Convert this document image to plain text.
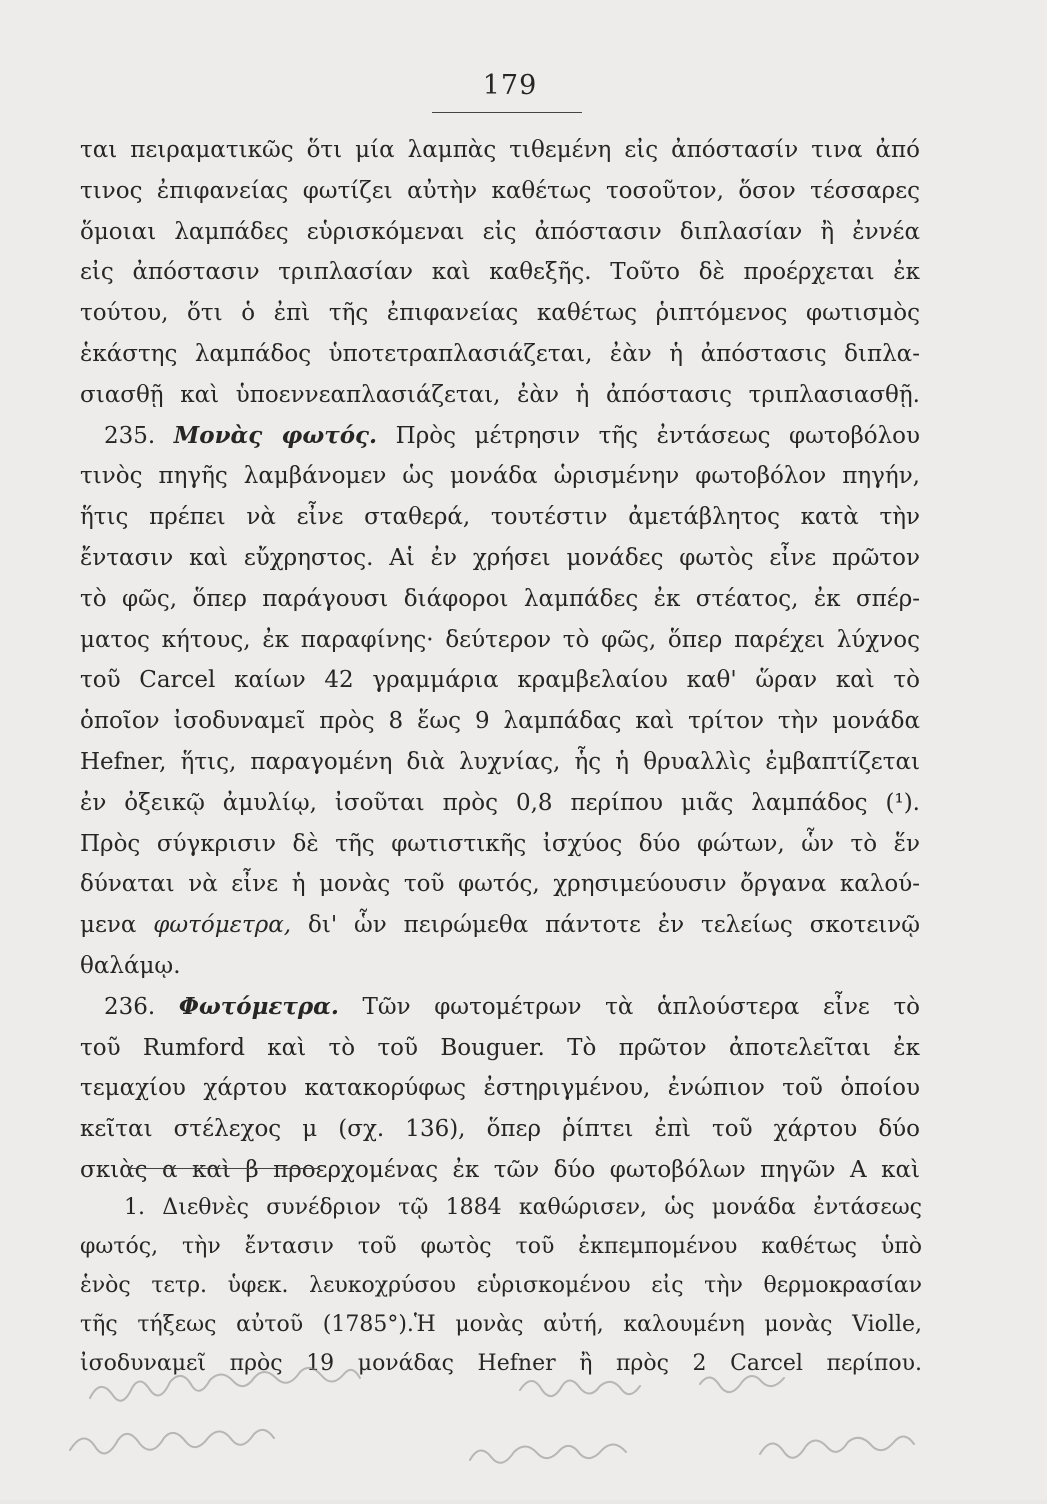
179
ται πειραματικῶς ὅτι μία λαμπὰς τιθεμένη εἰς ἀπόστασίν τινα ἀπό
τινος ἐπιφανείας φωτίζει αὐτὴν καθέτως τοσοῦτον, ὅσον τέσσαρες
ὅμοιαι λαμπάδες εὑρισκόμεναι εἰς ἀπόστασιν διπλασίαν ἢ ἐννέα
εἰς ἀπόστασιν τριπλασίαν καὶ καθεξῆς. Τοῦτο δὲ προέρχεται ἐκ
τούτου, ὅτι ὁ ἐπὶ τῆς ἐπιφανείας καθέτως ῥιπτόμενος φωτισμὸς
ἑκάστης λαμπάδος ὑποτετραπλασιάζεται, ἐὰν ἡ ἀπόστασις διπλα-
σιασθῇ καὶ ὑποεννεαπλασιάζεται, ἐὰν ἡ ἀπόστασις τριπλασιασθῇ.
235. Μονὰς φωτός. Πρὸς μέτρησιν τῆς ἐντάσεως φωτοβόλου
τινὸς πηγῆς λαμβάνομεν ὡς μονάδα ὡρισμένην φωτοβόλον πηγήν,
ἥτις πρέπει νὰ εἶνε σταθερά, τουτέστιν ἀμετάβλητος κατὰ τὴν
ἔντασιν καὶ εὔχρηστος. Αἱ ἐν χρήσει μονάδες φωτὸς εἶνε πρῶτον
τὸ φῶς, ὅπερ παράγουσι διάφοροι λαμπάδες ἐκ στέατος, ἐκ σπέρ-
ματος κήτους, ἐκ παραφίνης· δεύτερον τὸ φῶς, ὅπερ παρέχει λύχνος
τοῦ Carcel καίων 42 γραμμάρια κραμβελαίου καθ' ὥραν καὶ τὸ
ὁποῖον ἰσοδυναμεῖ πρὸς 8 ἕως 9 λαμπάδας καὶ τρίτον τὴν μονάδα
Hefner, ἥτις, παραγομένη διὰ λυχνίας, ἧς ἡ θρυαλλὶς ἐμβαπτίζεται
ἐν ὀξεικῷ ἀμυλίῳ, ἰσοῦται πρὸς 0,8 περίπου μιᾶς λαμπάδος (¹).
Πρὸς σύγκρισιν δὲ τῆς φωτιστικῆς ἰσχύος δύο φώτων, ὧν τὸ ἕν
δύναται νὰ εἶνε ἡ μονὰς τοῦ φωτός, χρησιμεύουσιν ὄργανα καλού-
μενα φωτόμετρα, δι' ὧν πειρώμεθα πάντοτε ἐν τελείως σκοτεινῷ
θαλάμῳ.
236. Φωτόμετρα. Τῶν φωτομέτρων τὰ ἁπλούστερα εἶνε τὸ
τοῦ Rumford καὶ τὸ τοῦ Bouguer. Τὸ πρῶτον ἀποτελεῖται ἐκ
τεμαχίου χάρτου κατακορύφως ἐστηριγμένου, ἐνώπιον τοῦ ὁποίου
κεῖται στέλεχος μ (σχ. 136), ὅπερ ῥίπτει ἐπὶ τοῦ χάρτου δύο
σκιὰς α καὶ β προερχομένας ἐκ τῶν δύο φωτοβόλων πηγῶν Α καὶ
1. Διεθνὲς συνέδριον τῷ 1884 καθώρισεν, ὡς μονάδα ἐντάσεως
φωτός, τὴν ἔντασιν τοῦ φωτὸς τοῦ ἐκπεμπομένου καθέτως ὑπὸ
ἑνὸς τετρ. ὑφεκ. λευκοχρύσου εὑρισκομένου εἰς τὴν θερμοκρασίαν
τῆς τήξεως αὐτοῦ (1785°).Ἡ μονὰς αὐτή, καλουμένη μονὰς Violle,
ἰσοδυναμεῖ πρὸς 19 μονάδας Hefner ἢ πρὸς 2 Carcel περίπου.
